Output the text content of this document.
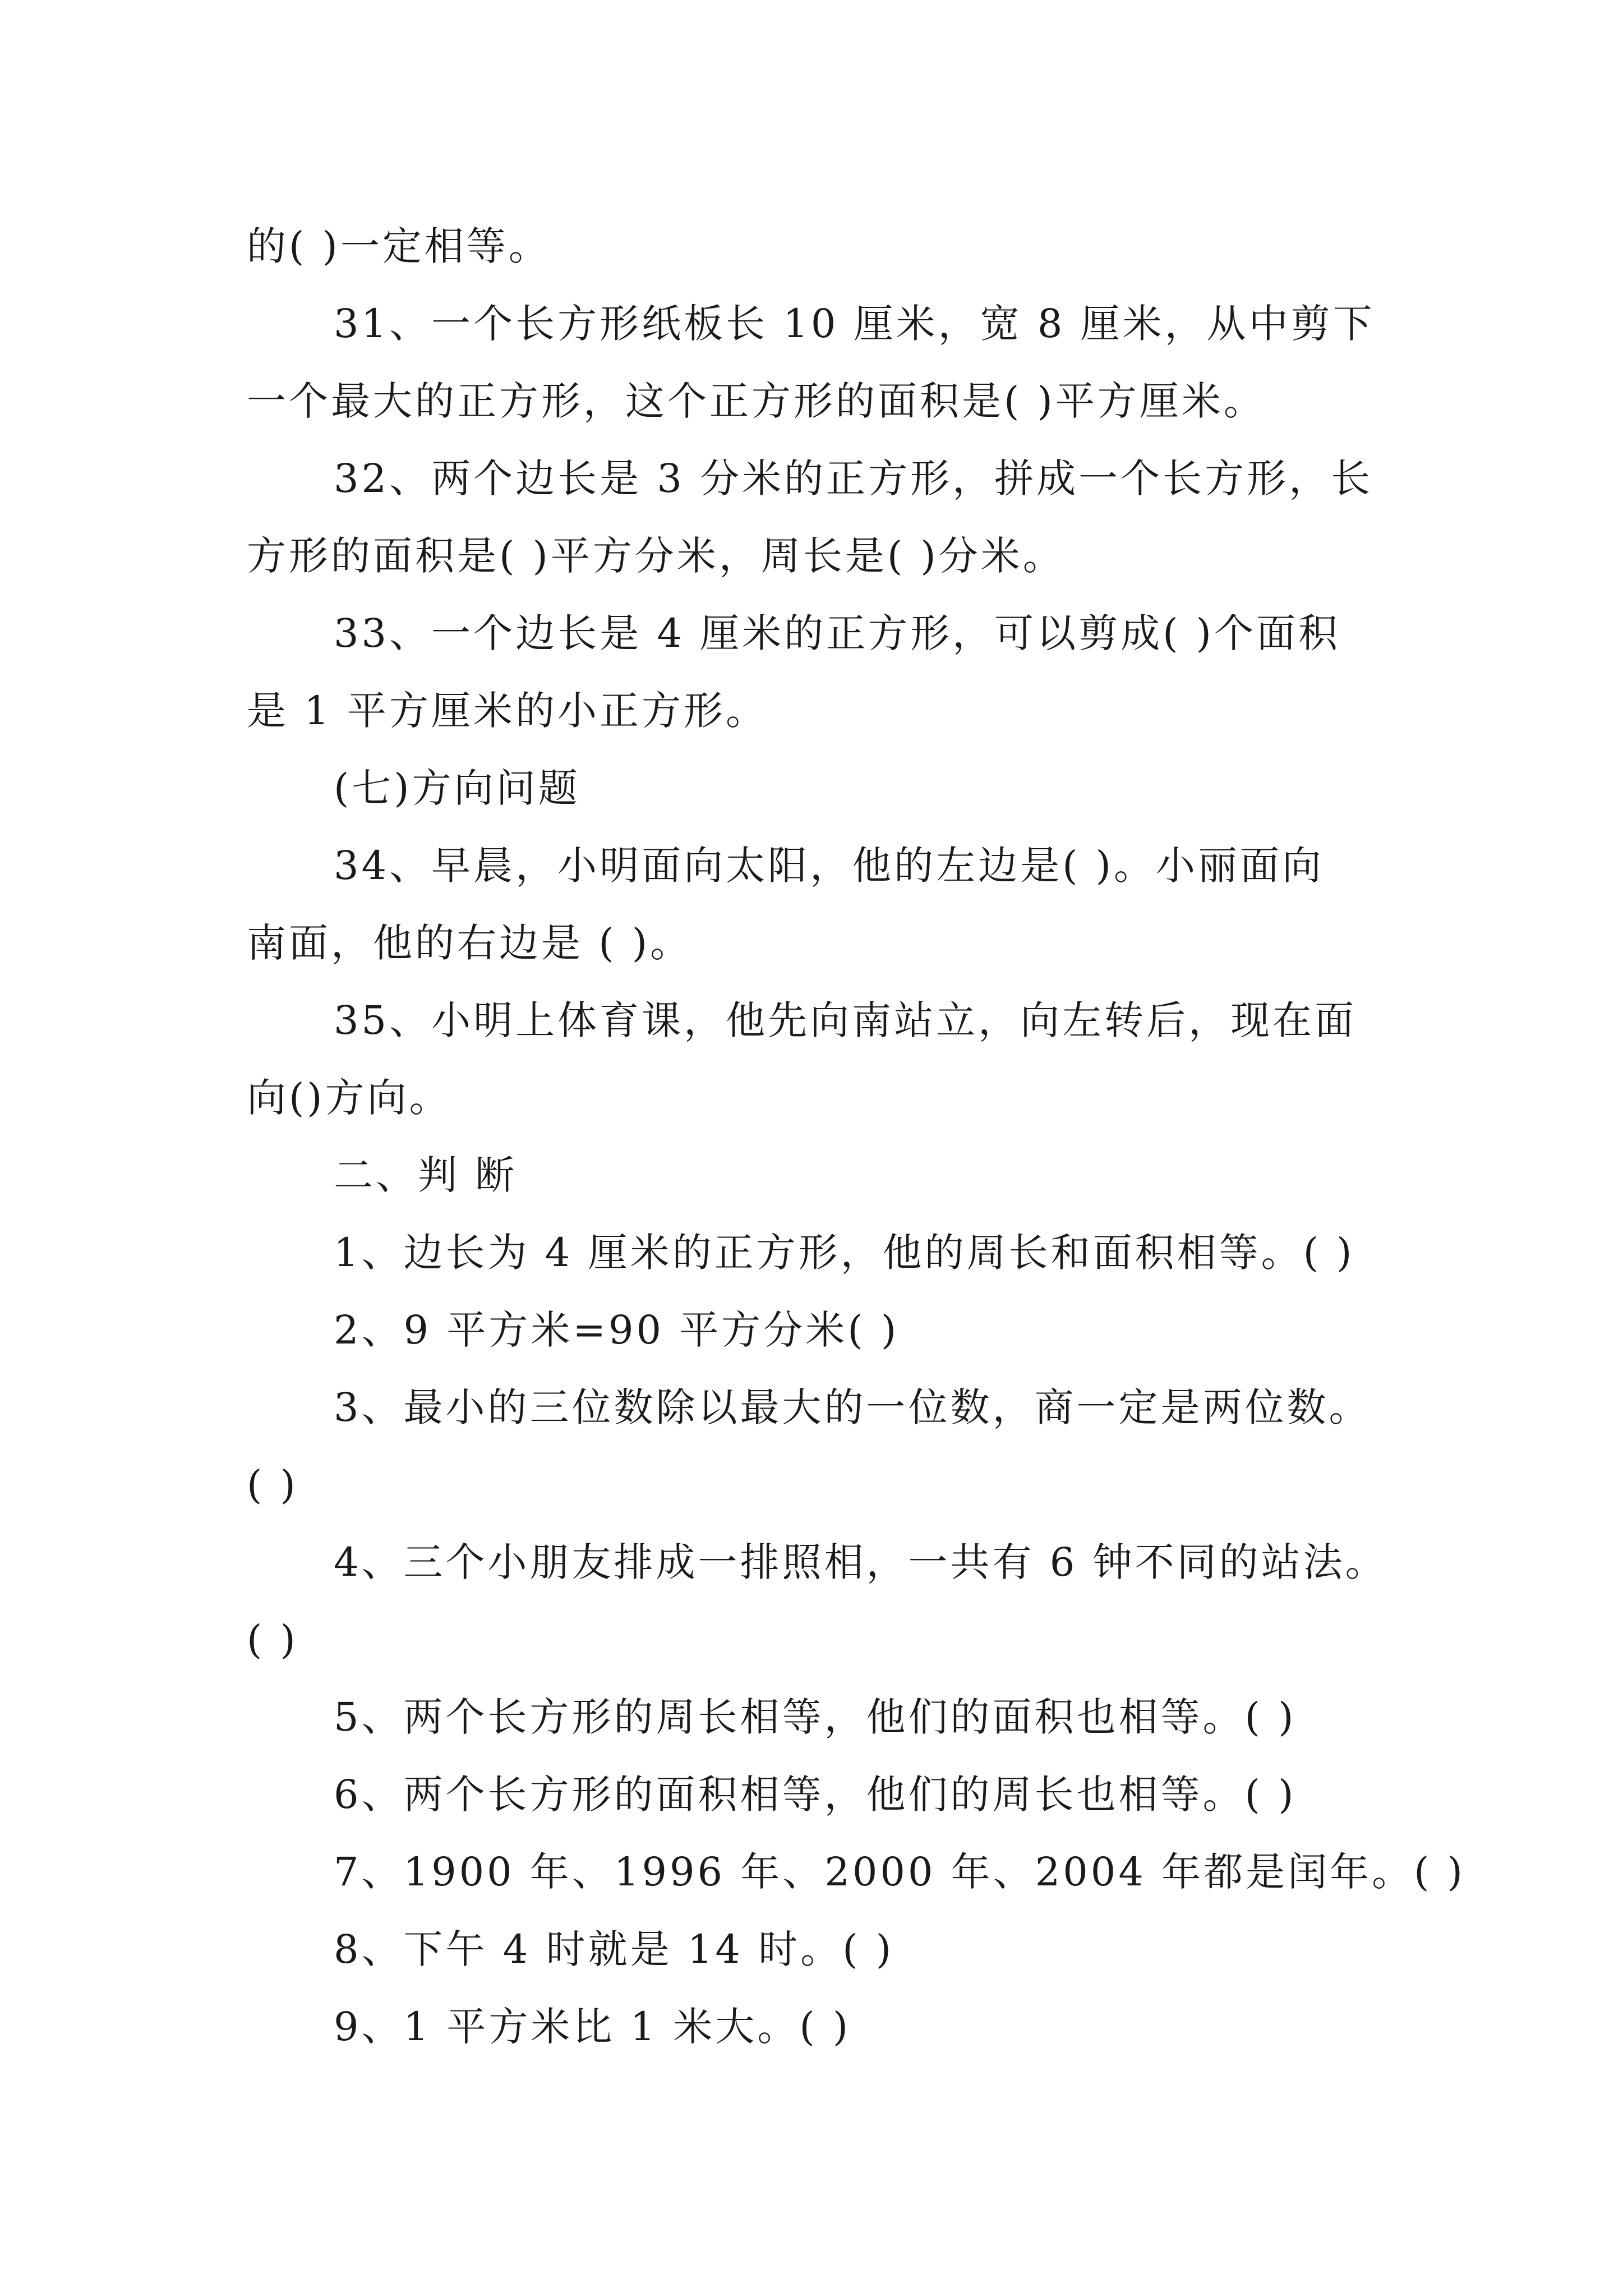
的( )一定相等。
31、一个长方形纸板长 10 厘米，宽 8 厘米，从中剪下
一个最大的正方形，这个正方形的面积是( )平方厘米。
32、两个边长是 3 分米的正方形，拼成一个长方形，长
方形的面积是( )平方分米，周长是( )分米。
33、一个边长是 4 厘米的正方形，可以剪成( )个面积
是 1 平方厘米的小正方形。
(七)方向问题
34、早晨，小明面向太阳，他的左边是( )。小丽面向
南面，他的右边是 ( )。
35、小明上体育课，他先向南站立，向左转后，现在面
向()方向。
二、判 断
1、边长为 4 厘米的正方形，他的周长和面积相等。( )
2、9 平方米=90 平方分米( )
3、最小的三位数除以最大的一位数，商一定是两位数。
( )
4、三个小朋友排成一排照相，一共有 6 钟不同的站法。
( )
5、两个长方形的周长相等，他们的面积也相等。( )
6、两个长方形的面积相等，他们的周长也相等。( )
7、1900 年、1996 年、2000 年、2004 年都是闰年。( )
8、下午 4 时就是 14 时。( )
9、1 平方米比 1 米大。( )
